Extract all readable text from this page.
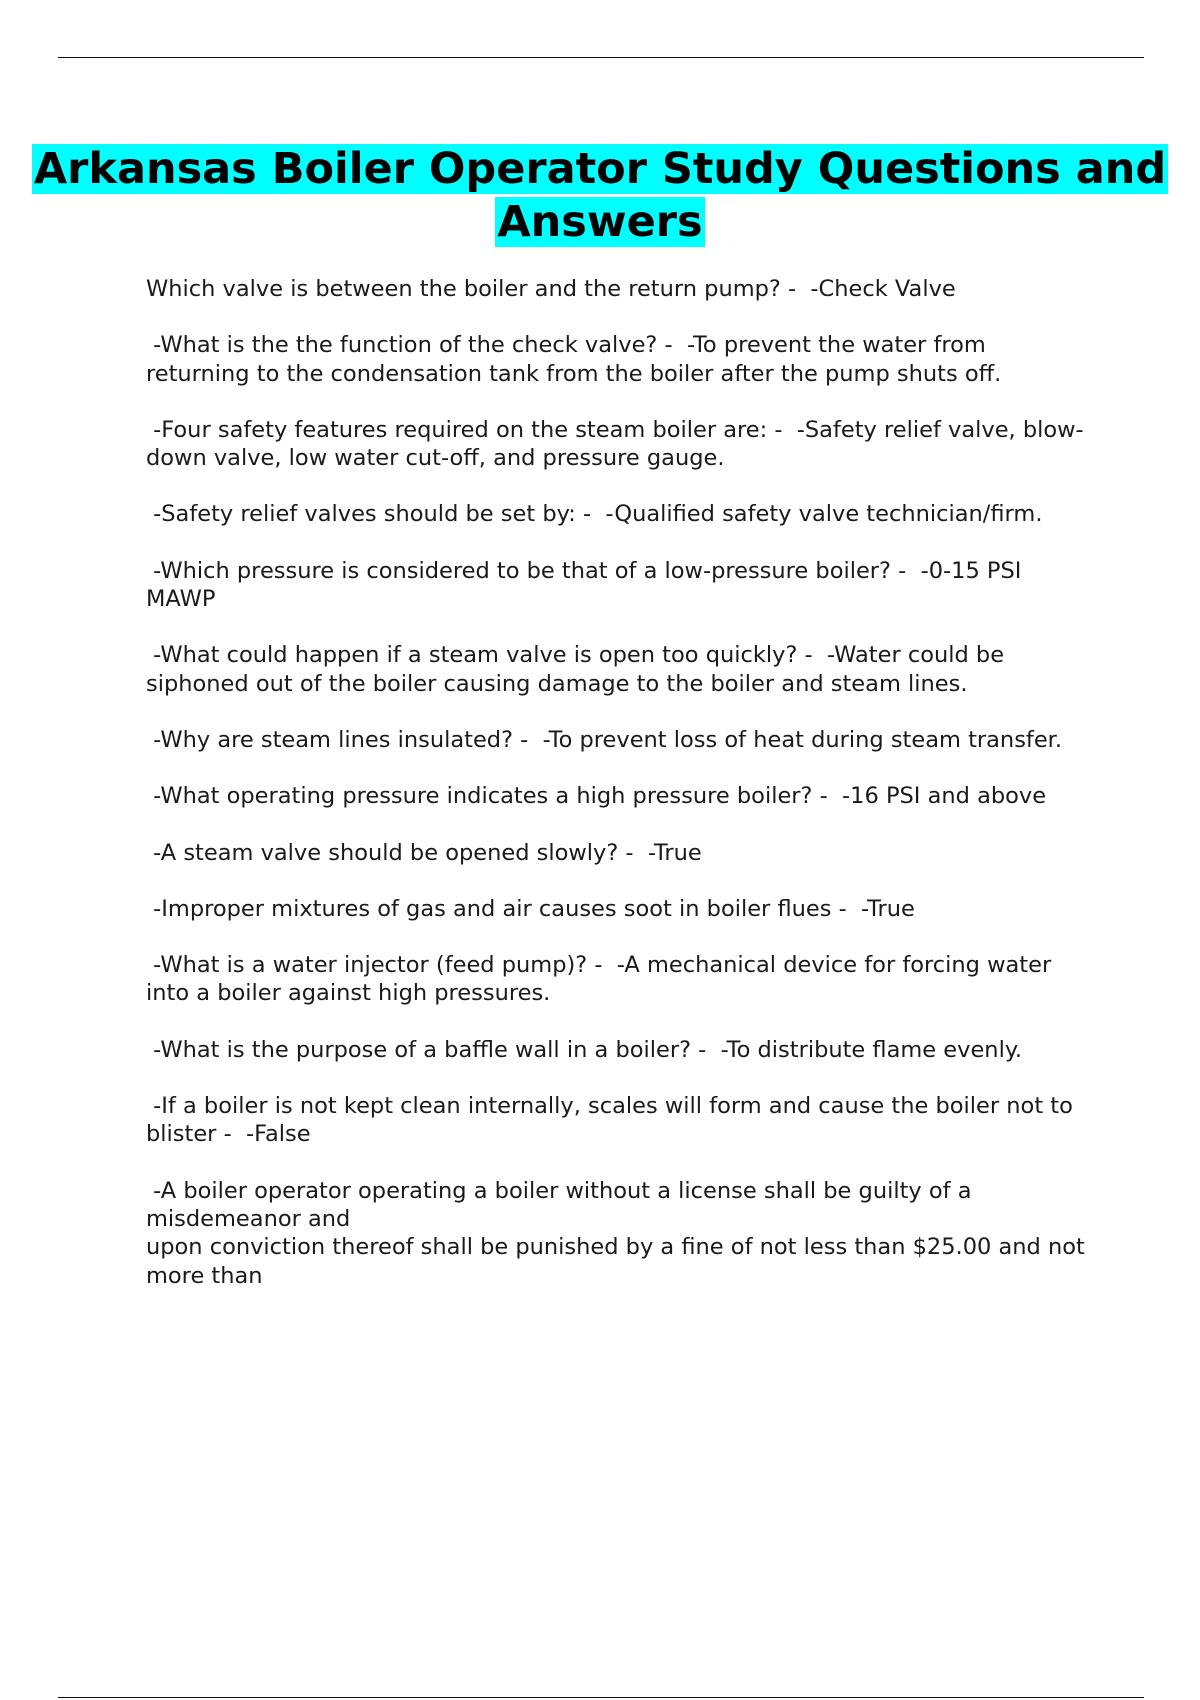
Arkansas Boiler Operator Study Questions and Answers

Which valve is between the boiler and the return pump? -  -Check Valve

-What is the the function of the check valve? -  -To prevent the water from returning to the condensation tank from the boiler after the pump shuts off.

-Four safety features required on the steam boiler are: -  -Safety relief valve, blow-down valve, low water cut-off, and pressure gauge.

-Safety relief valves should be set by: -  -Qualified safety valve technician/firm.

-Which pressure is considered to be that of a low-pressure boiler? -  -0-15 PSI MAWP

-What could happen if a steam valve is open too quickly? -  -Water could be siphoned out of the boiler causing damage to the boiler and steam lines.

-Why are steam lines insulated? -  -To prevent loss of heat during steam transfer.

-What operating pressure indicates a high pressure boiler? -  -16 PSI and above

-A steam valve should be opened slowly? -  -True

-Improper mixtures of gas and air causes soot in boiler flues -  -True

-What is a water injector (feed pump)? -  -A mechanical device for forcing water into a boiler against high pressures.

-What is the purpose of a baffle wall in a boiler? -  -To distribute flame evenly.

-If a boiler is not kept clean internally, scales will form and cause the boiler not to blister -  -False

-A boiler operator operating a boiler without a license shall be guilty of a misdemeanor and
upon conviction thereof shall be punished by a fine of not less than $25.00 and not more than
